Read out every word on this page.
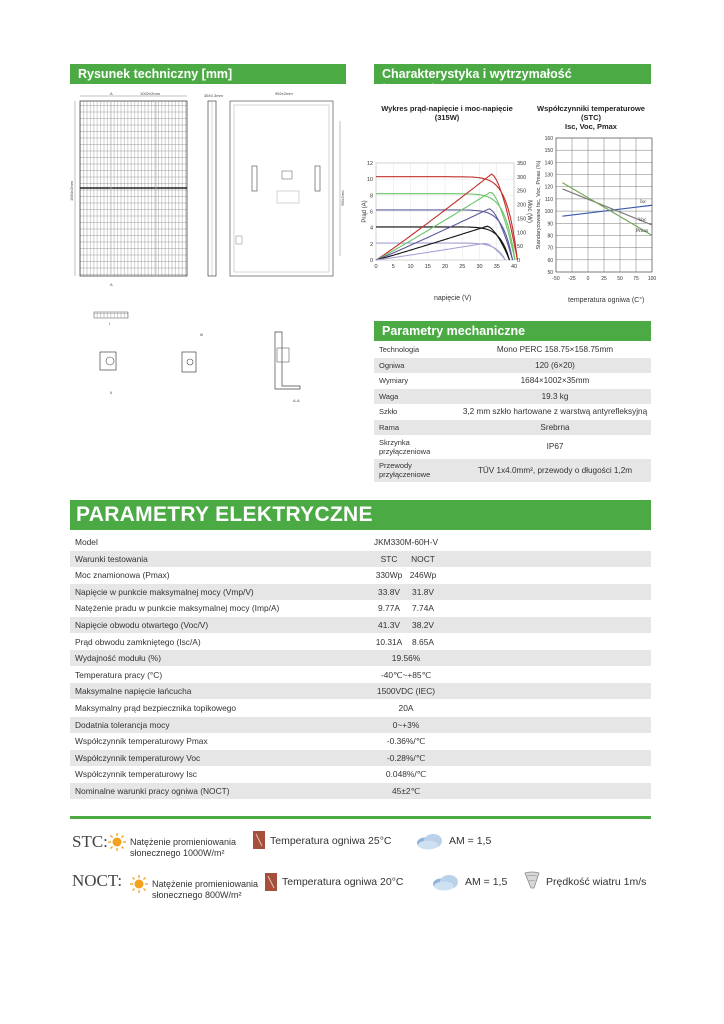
Rysunek techniczny [mm]	Charakterystyka i wytrzymałość temperaturowa
Parametry mechaniczne
PARAMETRY ELEKTRYCZNE
1002±2mm
A
A
1684±2mm
35±0.3mm	952±2mm
960±2mm
I
II
III
A-A
Wykres prąd-napięcie i moc-napięcie
(315W)
Współczynniki temperaturowe (STC)
Isc, Voc, Pmax
0	5 10 15 20 25 30 35 40
0
2
4
6
8
10
12
0
50
100
150
200
250
300
350
Prąd (A)	Moc (W)
napięcie (V)
-50 -25 0 25 50 75 100
50
60
70
80
90
100
110
120
130
140
150
160
Standaryzowane Isc, Voc, Pmax (%)	Isc
Voc
Pmax
temperatura ogniwa (C°)
Technologia	Mono PERC 158.75×158.75mm
Ogniwa	120 (6×20)
Wymiary	1684×1002×35mm
Waga	19.3 kg
Szkło	3,2 mm szkło hartowane z warstwą antyrefleksyjną
Rama	Srebrna
Skrzynka przyłączeniowa	IP67
Przewody przyłączeniowe	TÜV 1x4.0mm², przewody o długości 1,2m
Model	JKM330M-60H-V
Warunki testowania	STC	NOCT
Moc znamionowa (Pmax)	330Wp 246Wp
Napięcie w punkcie maksymalnej mocy (Vmp/V)	33.8V	31.8V
Natężenie pradu w punkcie maksymalnej mocy (Imp/A)	9.77A	7.74A
Napięcie obwodu otwartego (Voc/V)	41.3V	38.2V
Prąd obwodu zamkniętego (Isc/A)	10.31A	8.65A
Wydajność modułu (%)	19.56%
Temperatura pracy (°C)	-40℃~+85℃
Maksymalne napięcie łańcucha	1500VDC (IEC)
Maksymalny prąd bezpiecznika topikowego	20A
Dodatnia tolerancja mocy	0~+3%
Współczynnik temperaturowy Pmax	-0.36%/℃
Współczynnik temperaturowy Voc	-0.28%/℃
Współczynnik temperaturowy Isc	0.048%/℃
Nominalne warunki pracy ogniwa (NOCT)	45±2℃
STC: Natężenie promieniowania
słonecznego 1000W/m²
Temperatura ogniwa 25°C	AM = 1,5
NOCT:	Natężenie promieniowania
słonecznego 800W/m²
Temperatura ogniwa 20°C	AM = 1,5	Prędkość wiatru 1m/s
